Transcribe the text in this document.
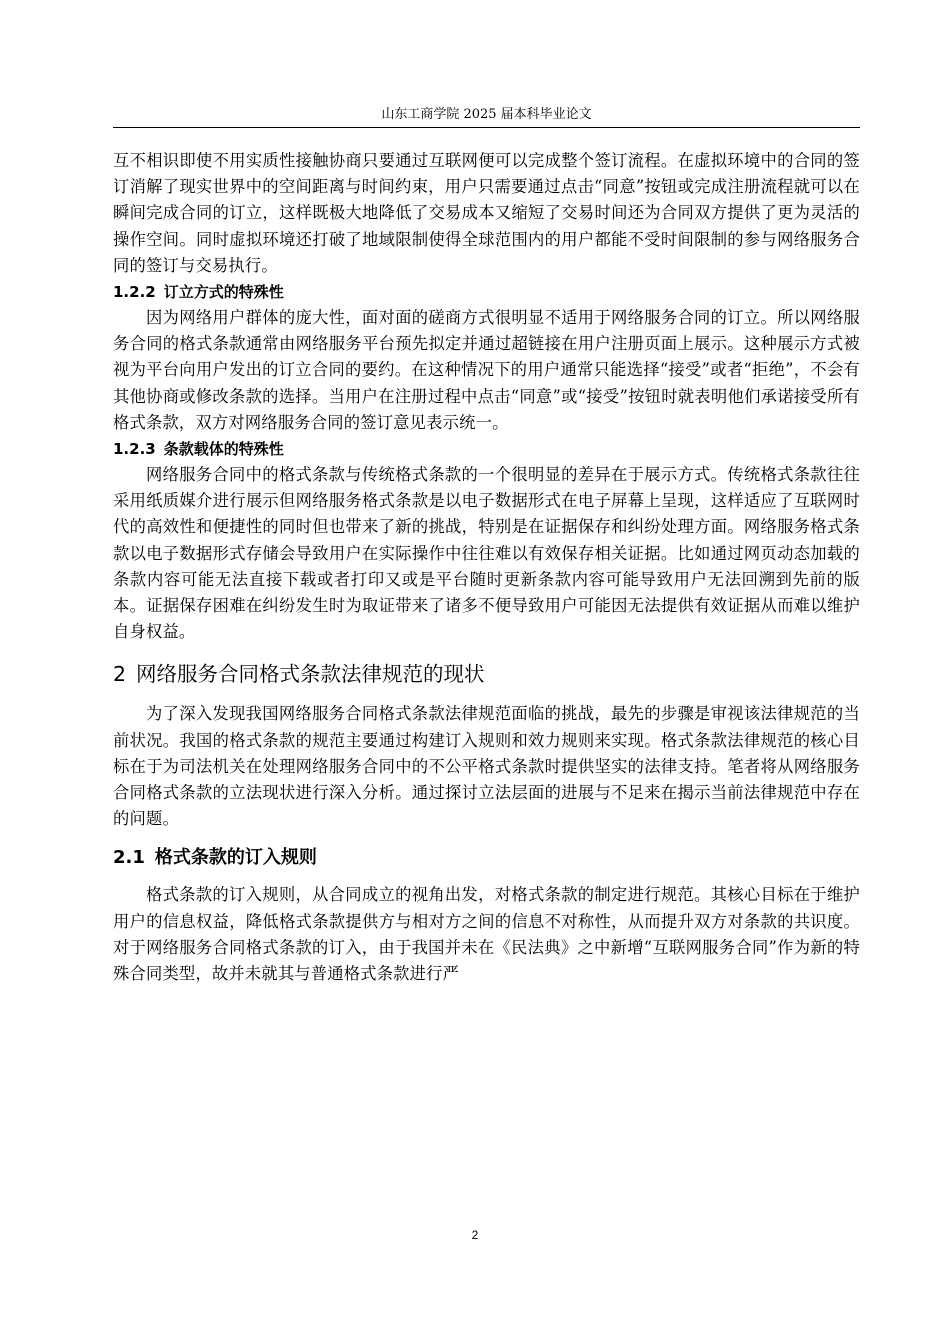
山东工商学院 2025 届本科毕业论文

互不相识即使不用实质性接触协商只要通过互联网便可以完成整个签订流程。在虚拟环境中的合同的签订消解了现实世界中的空间距离与时间约束，用户只需要通过点击“同意”按钮或完成注册流程就可以在瞬间完成合同的订立，这样既极大地降低了交易成本又缩短了交易时间还为合同双方提供了更为灵活的操作空间。同时虚拟环境还打破了地域限制使得全球范围内的用户都能不受时间限制的参与网络服务合同的签订与交易执行。

1.2.2 订立方式的特殊性

因为网络用户群体的庞大性，面对面的磋商方式很明显不适用于网络服务合同的订立。所以网络服务合同的格式条款通常由网络服务平台预先拟定并通过超链接在用户注册页面上展示。这种展示方式被视为平台向用户发出的订立合同的要约。在这种情况下的用户通常只能选择“接受”或者“拒绝”，不会有其他协商或修改条款的选择。当用户在注册过程中点击“同意”或“接受”按钮时就表明他们承诺接受所有格式条款，双方对网络服务合同的签订意见表示统一。

1.2.3 条款载体的特殊性

网络服务合同中的格式条款与传统格式条款的一个很明显的差异在于展示方式。传统格式条款往往采用纸质媒介进行展示但网络服务格式条款是以电子数据形式在电子屏幕上呈现，这样适应了互联网时代的高效性和便捷性的同时但也带来了新的挑战，特别是在证据保存和纠纷处理方面。网络服务格式条款以电子数据形式存储会导致用户在实际操作中往往难以有效保存相关证据。比如通过网页动态加载的条款内容可能无法直接下载或者打印又或是平台随时更新条款内容可能导致用户无法回溯到先前的版本。证据保存困难在纠纷发生时为取证带来了诸多不便导致用户可能因无法提供有效证据从而难以维护自身权益。

2 网络服务合同格式条款法律规范的现状

为了深入发现我国网络服务合同格式条款法律规范面临的挑战，最先的步骤是审视该法律规范的当前状况。我国的格式条款的规范主要通过构建订入规则和效力规则来实现。格式条款法律规范的核心目标在于为司法机关在处理网络服务合同中的不公平格式条款时提供坚实的法律支持。笔者将从网络服务合同格式条款的立法现状进行深入分析。通过探讨立法层面的进展与不足来在揭示当前法律规范中存在的问题。

2.1 格式条款的订入规则

格式条款的订入规则，从合同成立的视角出发，对格式条款的制定进行规范。其核心目标在于维护用户的信息权益，降低格式条款提供方与相对方之间的信息不对称性，从而提升双方对条款的共识度。对于网络服务合同格式条款的订入，由于我国并未在《民法典》之中新增“互联网服务合同”作为新的特殊合同类型，故并未就其与普通格式条款进行严

2
